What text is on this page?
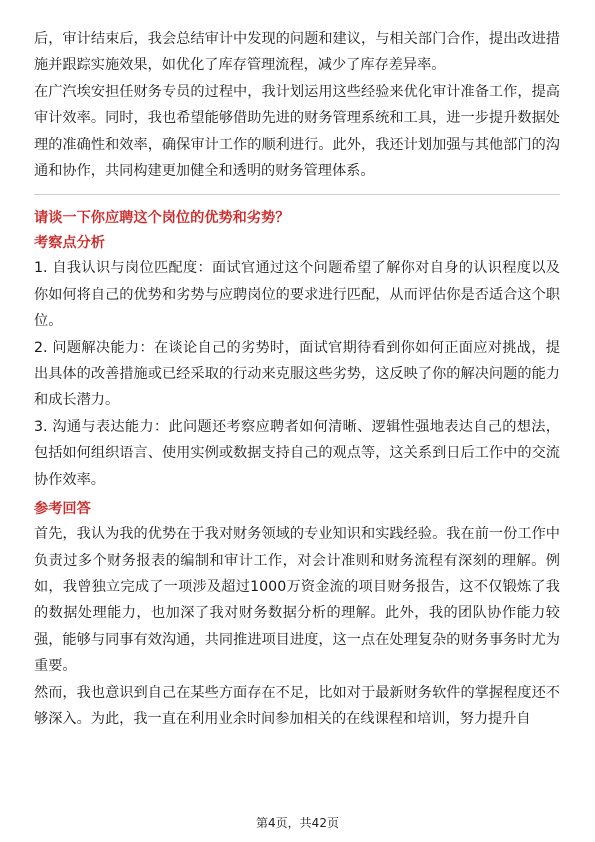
后，审计结束后，我会总结审计中发现的问题和建议，与相关部门合作，提出改进措施并跟踪实施效果，如优化了库存管理流程，减少了库存差异率。

在广汽埃安担任财务专员的过程中，我计划运用这些经验来优化审计准备工作，提高审计效率。同时，我也希望能够借助先进的财务管理系统和工具，进一步提升数据处理的准确性和效率，确保审计工作的顺利进行。此外，我还计划加强与其他部门的沟通和协作，共同构建更加健全和透明的财务管理体系。

请谈一下你应聘这个岗位的优势和劣势？

考察点分析

1. 自我认识与岗位匹配度：面试官通过这个问题希望了解你对自身的认识程度以及你如何将自己的优势和劣势与应聘岗位的要求进行匹配，从而评估你是否适合这个职位。

2. 问题解决能力：在谈论自己的劣势时，面试官期待看到你如何正面应对挑战，提出具体的改善措施或已经采取的行动来克服这些劣势，这反映了你的解决问题的能力和成长潜力。

3. 沟通与表达能力：此问题还考察应聘者如何清晰、逻辑性强地表达自己的想法，包括如何组织语言、使用实例或数据支持自己的观点等，这关系到日后工作中的交流协作效率。

参考回答

首先，我认为我的优势在于我对财务领域的专业知识和实践经验。我在前一份工作中负责过多个财务报表的编制和审计工作，对会计准则和财务流程有深刻的理解。例如，我曾独立完成了一项涉及超过1000万资金流的项目财务报告，这不仅锻炼了我的数据处理能力，也加深了我对财务数据分析的理解。此外，我的团队协作能力较强，能够与同事有效沟通，共同推进项目进度，这一点在处理复杂的财务事务时尤为重要。

然而，我也意识到自己在某些方面存在不足，比如对于最新财务软件的掌握程度还不够深入。为此，我一直在利用业余时间参加相关的在线课程和培训，努力提升自

第4页，共42页
